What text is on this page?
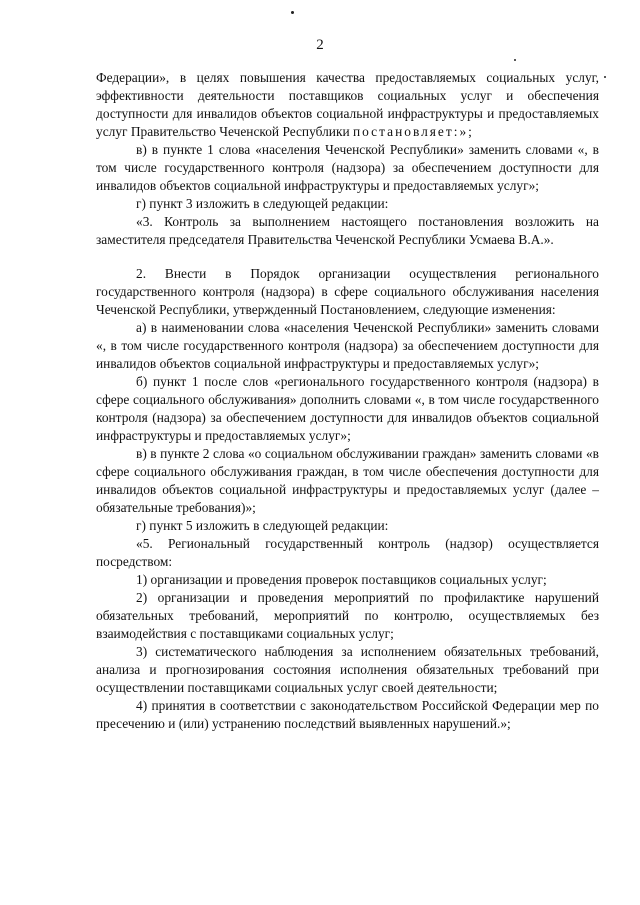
2

Федерации», в целях повышения качества предоставляемых социальных услуг, эффективности деятельности поставщиков социальных услуг и обеспечения доступности для инвалидов объектов социальной инфраструктуры и предоставляемых услуг Правительство Чеченской Республики постановляет:»;

в) в пункте 1 слова «населения Чеченской Республики» заменить словами «, в том числе государственного контроля (надзора) за обеспечением доступности для инвалидов объектов социальной инфраструктуры и предоставляемых услуг»;

г) пункт 3 изложить в следующей редакции:

«3. Контроль за выполнением настоящего постановления возложить на заместителя председателя Правительства Чеченской Республики Усмаева В.А.».

2. Внести в Порядок организации осуществления регионального государственного контроля (надзора) в сфере социального обслуживания населения Чеченской Республики, утвержденный Постановлением, следующие изменения:

а) в наименовании слова «населения Чеченской Республики» заменить словами «, в том числе государственного контроля (надзора) за обеспечением доступности для инвалидов объектов социальной инфраструктуры и предоставляемых услуг»;

б) пункт 1 после слов «регионального государственного контроля (надзора) в сфере социального обслуживания» дополнить словами «, в том числе государственного контроля (надзора) за обеспечением доступности для инвалидов объектов социальной инфраструктуры и предоставляемых услуг»;

в) в пункте 2 слова «о социальном обслуживании граждан» заменить словами «в сфере социального обслуживания граждан, в том числе обеспечения доступности для инвалидов объектов социальной инфраструктуры и предоставляемых услуг (далее – обязательные требования)»;

г) пункт 5 изложить в следующей редакции:

«5. Региональный государственный контроль (надзор) осуществляется посредством:

1) организации и проведения проверок поставщиков социальных услуг;

2) организации и проведения мероприятий по профилактике нарушений обязательных требований, мероприятий по контролю, осуществляемых без взаимодействия с поставщиками социальных услуг;

3) систематического наблюдения за исполнением обязательных требований, анализа и прогнозирования состояния исполнения обязательных требований при осуществлении поставщиками социальных услуг своей деятельности;

4) принятия в соответствии с законодательством Российской Федерации мер по пресечению и (или) устранению последствий выявленных нарушений.»;
